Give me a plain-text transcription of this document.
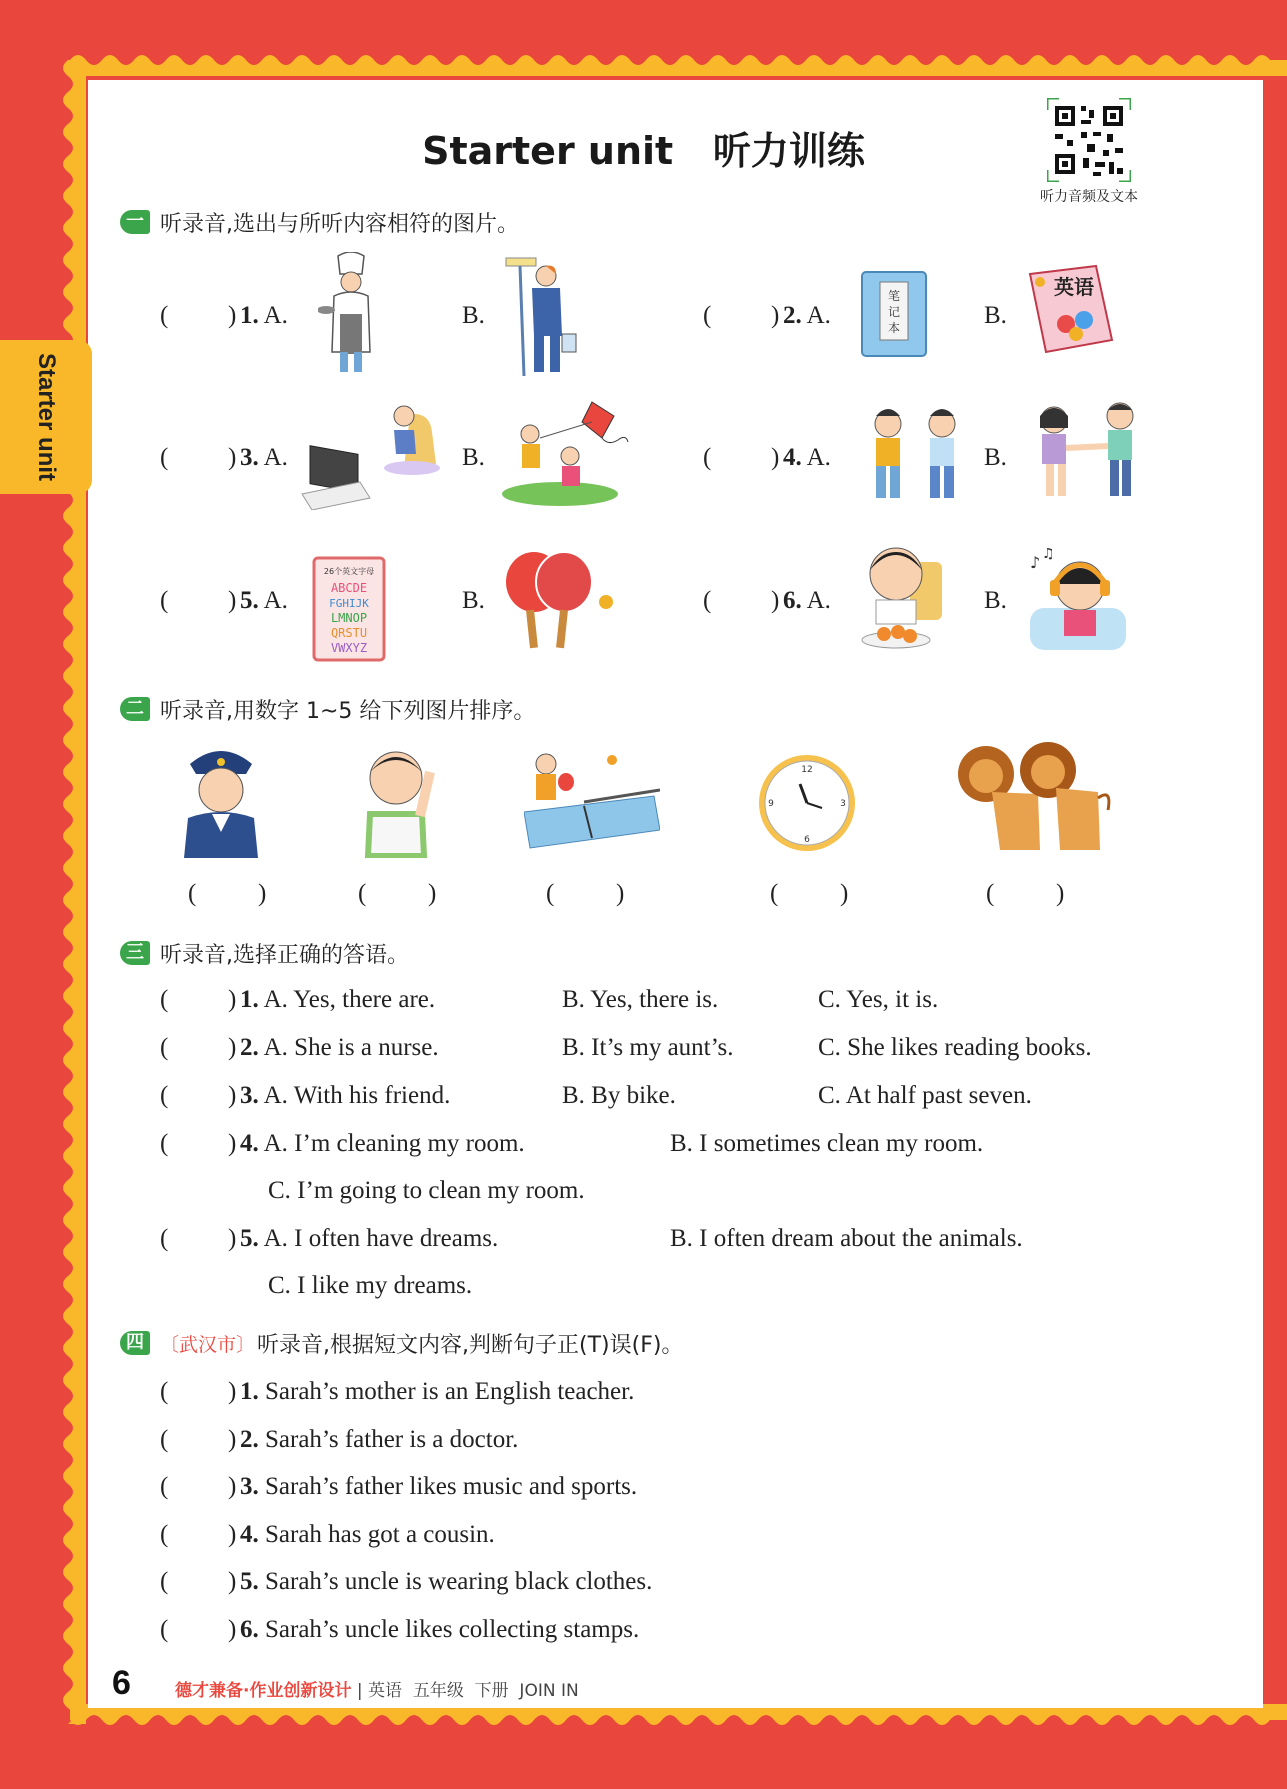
Starter unit
Starter unit   听力训练
听力音频及文本
一 听录音,选出与所听内容相符的图片。
( ) 1. A.	B.	( ) 2. A.	B.
( ) 3. A.	B.	( ) 4. A.	B.
( ) 5. A.	B.	( ) 6. A.	B.
笔
记
本
英语
26个英文字母
ABCDE
FGHIJK
LMNOP
QRSTU
VWXYZ
♪ ♫
二 听录音,用数字 1~5 给下列图片排序。
12
3
6
9
( )	( )	( )	( )	( )
三 听录音,选择正确的答语。
( ) 1. A. Yes, there are.	B. Yes, there is.	C. Yes, it is.
( ) 2. A. She is a nurse.	B. It’s my aunt’s.	C. She likes reading books.
( ) 3. A. With his friend.	B. By bike.	C. At half past seven.
( ) 4. A. I’m cleaning my room.	B. I sometimes clean my room.
C. I’m going to clean my room.
( ) 5. A. I often have dreams.	B. I often dream about the animals.
C. I like my dreams.
四 〔武汉市〕 听录音,根据短文内容,判断句子正(T)误(F)。
( ) 1. Sarah’s mother is an English teacher.
( ) 2. Sarah’s father is a doctor.
( ) 3. Sarah’s father likes music and sports.
( ) 4. Sarah has got a cousin.
( ) 5. Sarah’s uncle is wearing black clothes.
( ) 6. Sarah’s uncle likes collecting stamps.
6	德才兼备·作业创新设计 | 英语  五年级  下册  JOIN IN
